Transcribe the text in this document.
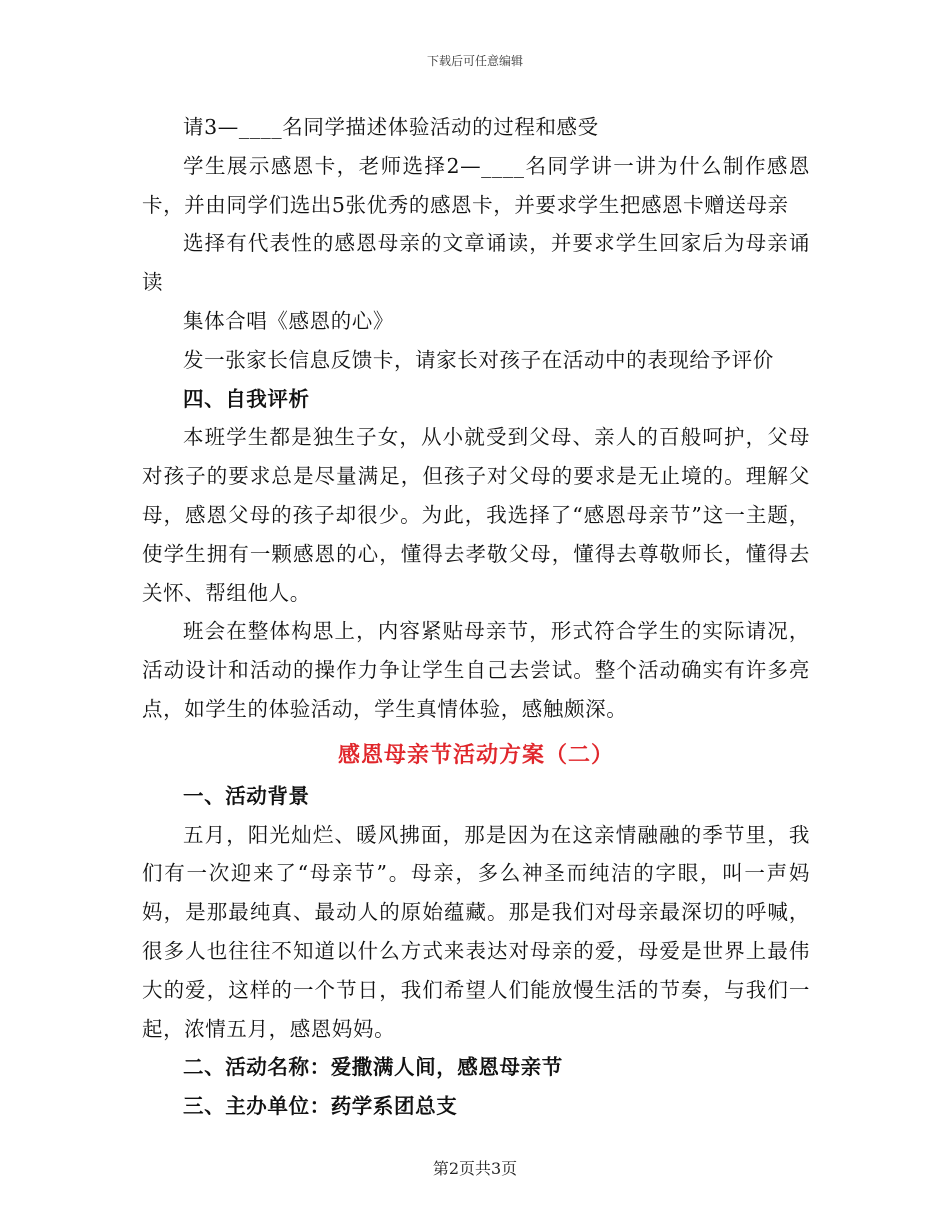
下载后可任意编辑

请3—____名同学描述体验活动的过程和感受

学生展示感恩卡，老师选择2—____名同学讲一讲为什么制作感恩卡，并由同学们选出5张优秀的感恩卡，并要求学生把感恩卡赠送母亲

选择有代表性的感恩母亲的文章诵读，并要求学生回家后为母亲诵读

集体合唱《感恩的心》

发一张家长信息反馈卡，请家长对孩子在活动中的表现给予评价

四、自我评析

本班学生都是独生子女，从小就受到父母、亲人的百般呵护，父母对孩子的要求总是尽量满足，但孩子对父母的要求是无止境的。理解父母，感恩父母的孩子却很少。为此，我选择了“感恩母亲节”这一主题，使学生拥有一颗感恩的心，懂得去孝敬父母，懂得去尊敬师长，懂得去关怀、帮组他人。

班会在整体构思上，内容紧贴母亲节，形式符合学生的实际请况，活动设计和活动的操作力争让学生自己去尝试。整个活动确实有许多亮点，如学生的体验活动，学生真情体验，感触颇深。

感恩母亲节活动方案（二）

一、活动背景

五月，阳光灿烂、暖风拂面，那是因为在这亲情融融的季节里，我们有一次迎来了“母亲节”。母亲，多么神圣而纯洁的字眼，叫一声妈妈，是那最纯真、最动人的原始蕴藏。那是我们对母亲最深切的呼喊，很多人也往往不知道以什么方式来表达对母亲的爱，母爱是世界上最伟大的爱，这样的一个节日，我们希望人们能放慢生活的节奏，与我们一起，浓情五月，感恩妈妈。

二、活动名称：爱撒满人间，感恩母亲节

三、主办单位：药学系团总支

第2页共3页
